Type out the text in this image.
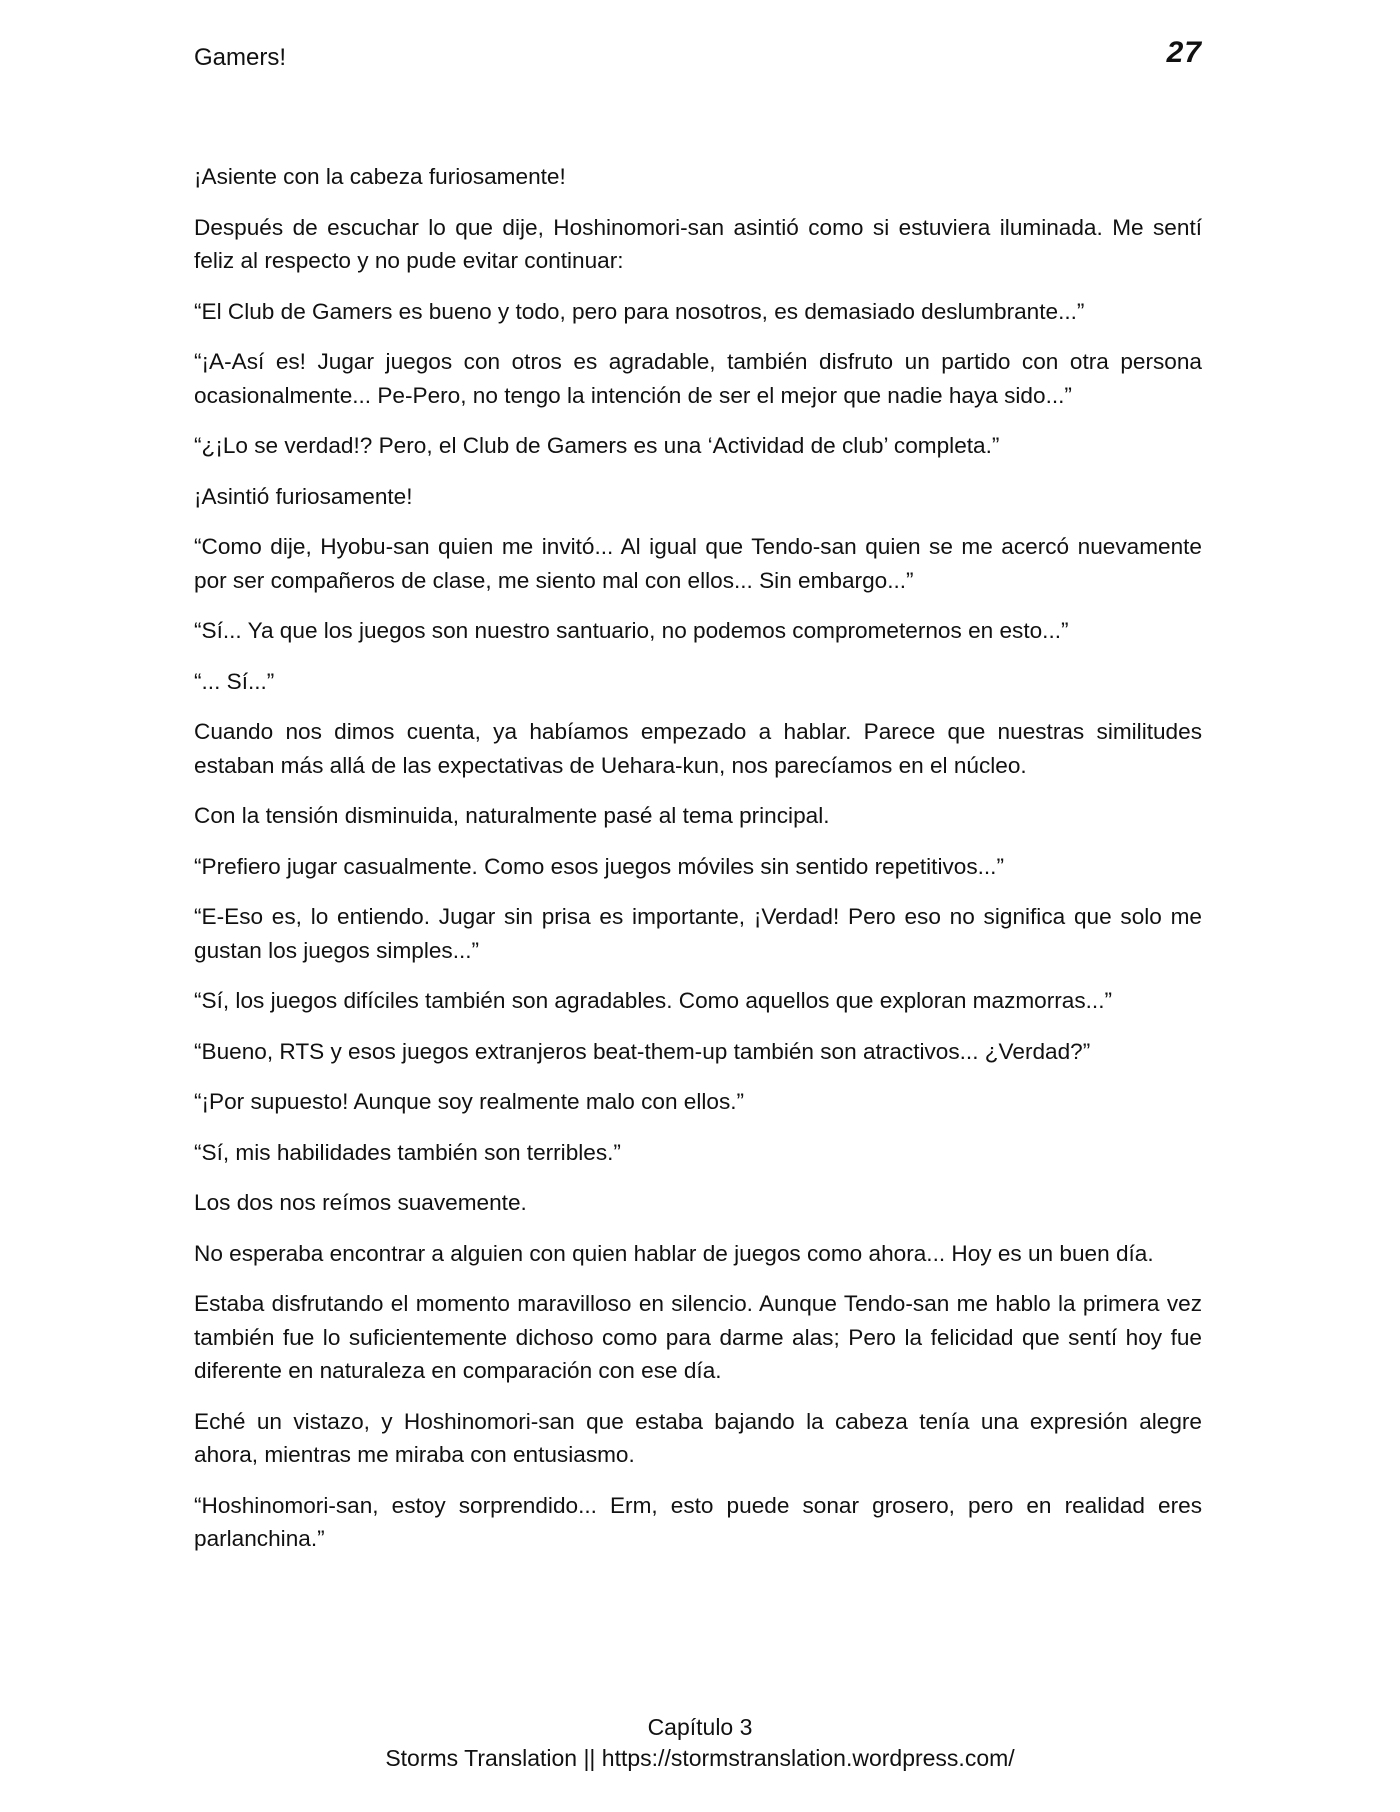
Gamers!	27

¡Asiente con la cabeza furiosamente!

Después de escuchar lo que dije, Hoshinomori-san asintió como si estuviera iluminada. Me sentí feliz al respecto y no pude evitar continuar:

“El Club de Gamers es bueno y todo, pero para nosotros, es demasiado deslumbrante...”

“¡A-Así es! Jugar juegos con otros es agradable, también disfruto un partido con otra persona ocasionalmente... Pe-Pero, no tengo la intención de ser el mejor que nadie haya sido...”

“¿¡Lo se verdad!? Pero, el Club de Gamers es una ‘Actividad de club’ completa.”

¡Asintió furiosamente!

“Como dije, Hyobu-san quien me invitó... Al igual que Tendo-san quien se me acercó nuevamente por ser compañeros de clase, me siento mal con ellos... Sin embargo...”

“Sí... Ya que los juegos son nuestro santuario, no podemos comprometernos en esto...”

“... Sí...”

Cuando nos dimos cuenta, ya habíamos empezado a hablar. Parece que nuestras similitudes estaban más allá de las expectativas de Uehara-kun, nos parecíamos en el núcleo.

Con la tensión disminuida, naturalmente pasé al tema principal.

“Prefiero jugar casualmente. Como esos juegos móviles sin sentido repetitivos...”

“E-Eso es, lo entiendo. Jugar sin prisa es importante, ¡Verdad! Pero eso no significa que solo me gustan los juegos simples...”

“Sí, los juegos difíciles también son agradables. Como aquellos que exploran mazmorras...”

“Bueno, RTS y esos juegos extranjeros beat-them-up también son atractivos... ¿Verdad?”

“¡Por supuesto! Aunque soy realmente malo con ellos.”

“Sí, mis habilidades también son terribles.”

Los dos nos reímos suavemente.

No esperaba encontrar a alguien con quien hablar de juegos como ahora... Hoy es un buen día.

Estaba disfrutando el momento maravilloso en silencio. Aunque Tendo-san me hablo la primera vez también fue lo suficientemente dichoso como para darme alas; Pero la felicidad que sentí hoy fue diferente en naturaleza en comparación con ese día.

Eché un vistazo, y Hoshinomori-san que estaba bajando la cabeza tenía una expresión alegre ahora, mientras me miraba con entusiasmo.

“Hoshinomori-san, estoy sorprendido... Erm, esto puede sonar grosero, pero en realidad eres parlanchina.”

Capítulo 3
Storms Translation || https://stormstranslation.wordpress.com/
